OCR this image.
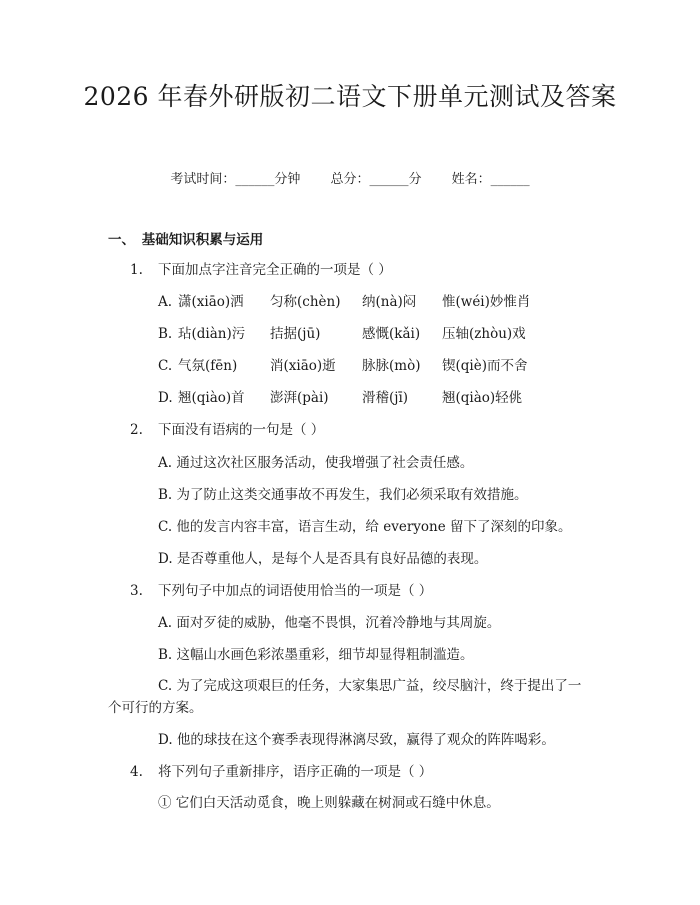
2026 年春外研版初二语文下册单元测试及答案
考试时间：______分钟 总分：______分 姓名：______
一、　基础知识积累与运用
1. 下面加点字注音完全正确的一项是（ ）
A. 潇(xiāo)洒	匀称(chèn)	纳(nà)闷	惟(wéi)妙惟肖
B. 玷(diàn)污	拮据(jū)	感慨(kǎi)	压轴(zhòu)戏
C. 气氛(fēn)	消(xiāo)逝	脉脉(mò)	锲(qiè)而不舍
D. 翘(qiào)首	澎湃(pài)	滑稽(jī)	翘(qiào)轻佻
2. 下面没有语病的一句是（ ）
A. 通过这次社区服务活动，使我增强了社会责任感。
B. 为了防止这类交通事故不再发生，我们必须采取有效措施。
C. 他的发言内容丰富，语言生动，给 everyone 留下了深刻的印象。
D. 是否尊重他人，是每个人是否具有良好品德的表现。
3. 下列句子中加点的词语使用恰当的一项是（ ）
A. 面对歹徒的威胁，他毫不畏惧，沉着冷静地与其周旋。
B. 这幅山水画色彩浓墨重彩，细节却显得粗制滥造。
C. 为了完成这项艰巨的任务，大家集思广益，绞尽脑汁，终于提出了一个可行的方案。
D. 他的球技在这个赛季表现得淋漓尽致，赢得了观众的阵阵喝彩。
4. 将下列句子重新排序，语序正确的一项是（ ）
① 它们白天活动觅食，晚上则躲藏在树洞或石缝中休息。
